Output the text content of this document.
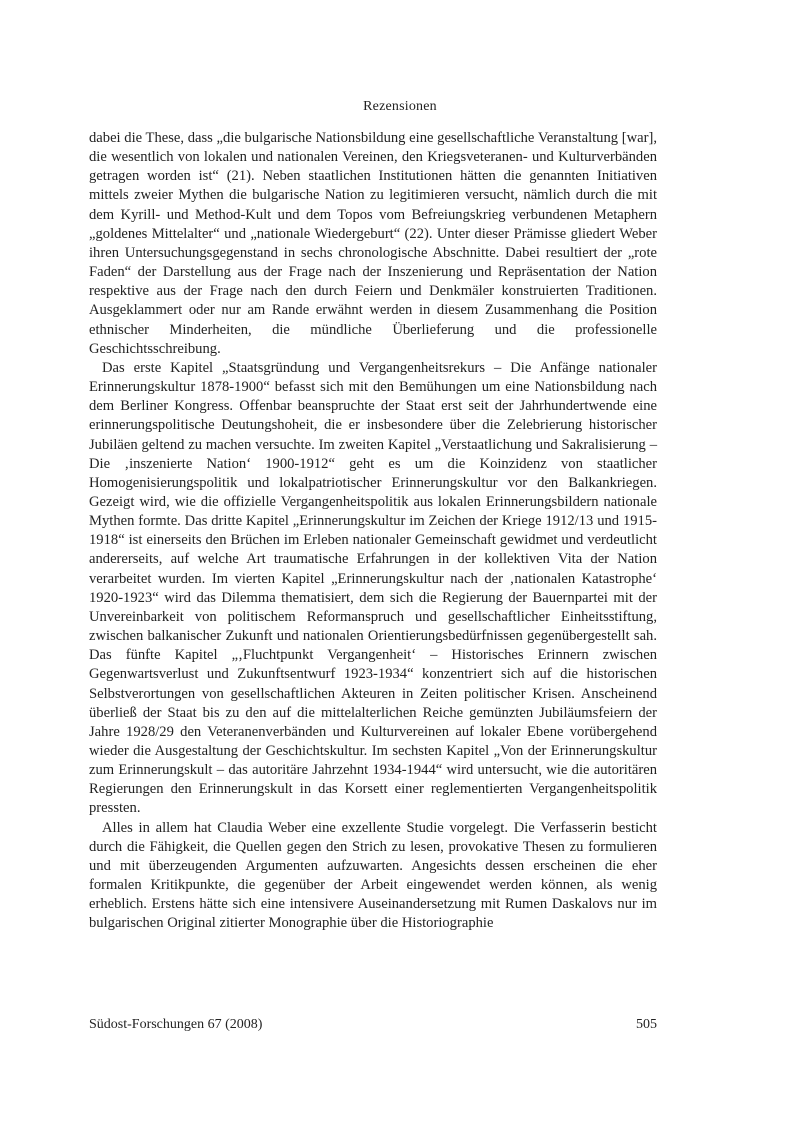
Rezensionen

dabei die These, dass „die bulgarische Nationsbildung eine gesellschaftliche Veranstaltung [war], die wesentlich von lokalen und nationalen Vereinen, den Kriegsveteranen- und Kulturverbänden getragen worden ist“ (21). Neben staatlichen Institutionen hätten die genannten Initiativen mittels zweier Mythen die bulgarische Nation zu legitimieren versucht, nämlich durch die mit dem Kyrill- und Method-Kult und dem Topos vom Befreiungskrieg verbundenen Metaphern „goldenes Mittelalter“ und „nationale Wiedergeburt“ (22). Unter dieser Prämisse gliedert Weber ihren Untersuchungsgegenstand in sechs chronologische Abschnitte. Dabei resultiert der „rote Faden“ der Darstellung aus der Frage nach der Inszenierung und Repräsentation der Nation respektive aus der Frage nach den durch Feiern und Denkmäler konstruierten Traditionen. Ausgeklammert oder nur am Rande erwähnt werden in diesem Zusammenhang die Position ethnischer Minderheiten, die mündliche Überlieferung und die professionelle Geschichtsschreibung.

Das erste Kapitel „Staatsgründung und Vergangenheitsrekurs – Die Anfänge nationaler Erinnerungskultur 1878-1900“ befasst sich mit den Bemühungen um eine Nationsbildung nach dem Berliner Kongress. Offenbar beanspruchte der Staat erst seit der Jahrhundertwende eine erinnerungspolitische Deutungshoheit, die er insbesondere über die Zelebrierung historischer Jubiläen geltend zu machen versuchte. Im zweiten Kapitel „Verstaatlichung und Sakralisierung – Die ‚inszenierte Nation‘ 1900-1912“ geht es um die Koinzidenz von staatlicher Homogenisierungspolitik und lokalpatriotischer Erinnerungskultur vor den Balkankriegen. Gezeigt wird, wie die offizielle Vergangenheitspolitik aus lokalen Erinnerungsbildern nationale Mythen formte. Das dritte Kapitel „Erinnerungskultur im Zeichen der Kriege 1912/13 und 1915-1918“ ist einerseits den Brüchen im Erleben nationaler Gemeinschaft gewidmet und verdeutlicht andererseits, auf welche Art traumatische Erfahrungen in der kollektiven Vita der Nation verarbeitet wurden. Im vierten Kapitel „Erinnerungskultur nach der ‚nationalen Katastrophe‘ 1920-1923“ wird das Dilemma thematisiert, dem sich die Regierung der Bauernpartei mit der Unvereinbarkeit von politischem Reformanspruch und gesellschaftlicher Einheitsstiftung, zwischen balkanischer Zukunft und nationalen Orientierungsbedürfnissen gegenübergestellt sah. Das fünfte Kapitel „‚Fluchtpunkt Vergangenheit‘ – Historisches Erinnern zwischen Gegenwartsverlust und Zukunftsentwurf 1923-1934“ konzentriert sich auf die historischen Selbstverortungen von gesellschaftlichen Akteuren in Zeiten politischer Krisen. Anscheinend überließ der Staat bis zu den auf die mittelalterlichen Reiche gemünzten Jubiläumsfeiern der Jahre 1928/29 den Veteranenverbänden und Kulturvereinen auf lokaler Ebene vorübergehend wieder die Ausgestaltung der Geschichtskultur. Im sechsten Kapitel „Von der Erinnerungskultur zum Erinnerungskult – das autoritäre Jahrzehnt 1934-1944“ wird untersucht, wie die autoritären Regierungen den Erinnerungskult in das Korsett einer reglementierten Vergangenheitspolitik pressten.

Alles in allem hat Claudia Weber eine exzellente Studie vorgelegt. Die Verfasserin besticht durch die Fähigkeit, die Quellen gegen den Strich zu lesen, provokative Thesen zu formulieren und mit überzeugenden Argumenten aufzuwarten. Angesichts dessen erscheinen die eher formalen Kritikpunkte, die gegenüber der Arbeit eingewendet werden können, als wenig erheblich. Erstens hätte sich eine intensivere Auseinandersetzung mit Rumen Daskalovs nur im bulgarischen Original zitierter Monographie über die Historiographie

Südost-Forschungen 67 (2008)	505
